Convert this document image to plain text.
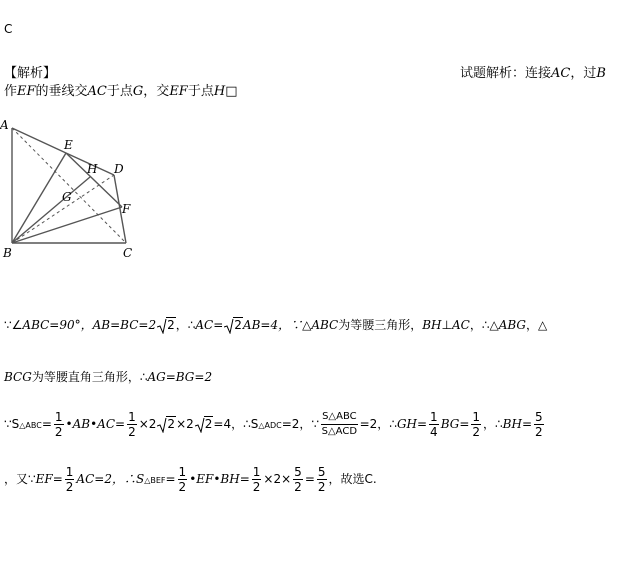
C
【解析】	试题解析：连接AC，过B
作EF的垂线交AC于点G，交EF于点H□
A
E
H D
G
F
B	C
∵∠ABC=90°，AB=BC=2 2，∴AC= 2AB=4，∵△ABC为等腰三角形，BH⊥AC，∴△ABG，△
BCG为等腰直角三角形，∴AG=BG=2
∵S△ABC= $\frac{1}{2}$ •AB•AC= $\frac{1}{2} \times 2$ 2×2 2=4，∴S△ADC=2，∵ $\frac{\text{S△ABC}}{\text{S△ACD}} =2$，∴GH= $\frac{1}{4} BG= \frac{1}{2}$ ，∴BH= $\frac{5}{2}$
，又∵EF= $\frac{1}{2} AC=2$，∴S△BEF= $\frac{1}{2}$ •EF•BH= $\frac{1}{2} \times 2\times \frac{5}{2} = \frac{5}{2}$ ，故选C.
